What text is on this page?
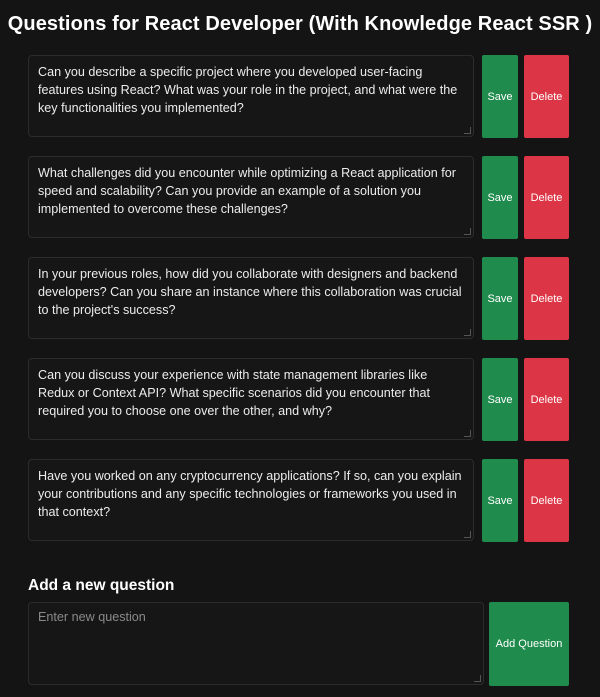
Questions for React Developer (With Knowledge React SSR )
Can you describe a specific project where you developed user-facing features using React? What was your role in the project, and what were the key functionalities you implemented?
Save	Delete
What challenges did you encounter while optimizing a React application for speed and scalability? Can you provide an example of a solution you implemented to overcome these challenges?
Save	Delete
In your previous roles, how did you collaborate with designers and backend developers? Can you share an instance where this collaboration was crucial to the project's success?
Save	Delete
Can you discuss your experience with state management libraries like Redux or Context API? What specific scenarios did you encounter that required you to choose one over the other, and why?
Save	Delete
Have you worked on any cryptocurrency applications? If so, can you explain your contributions and any specific technologies or frameworks you used in that context?
Save	Delete
Add a new question
Enter new question
Add Question
